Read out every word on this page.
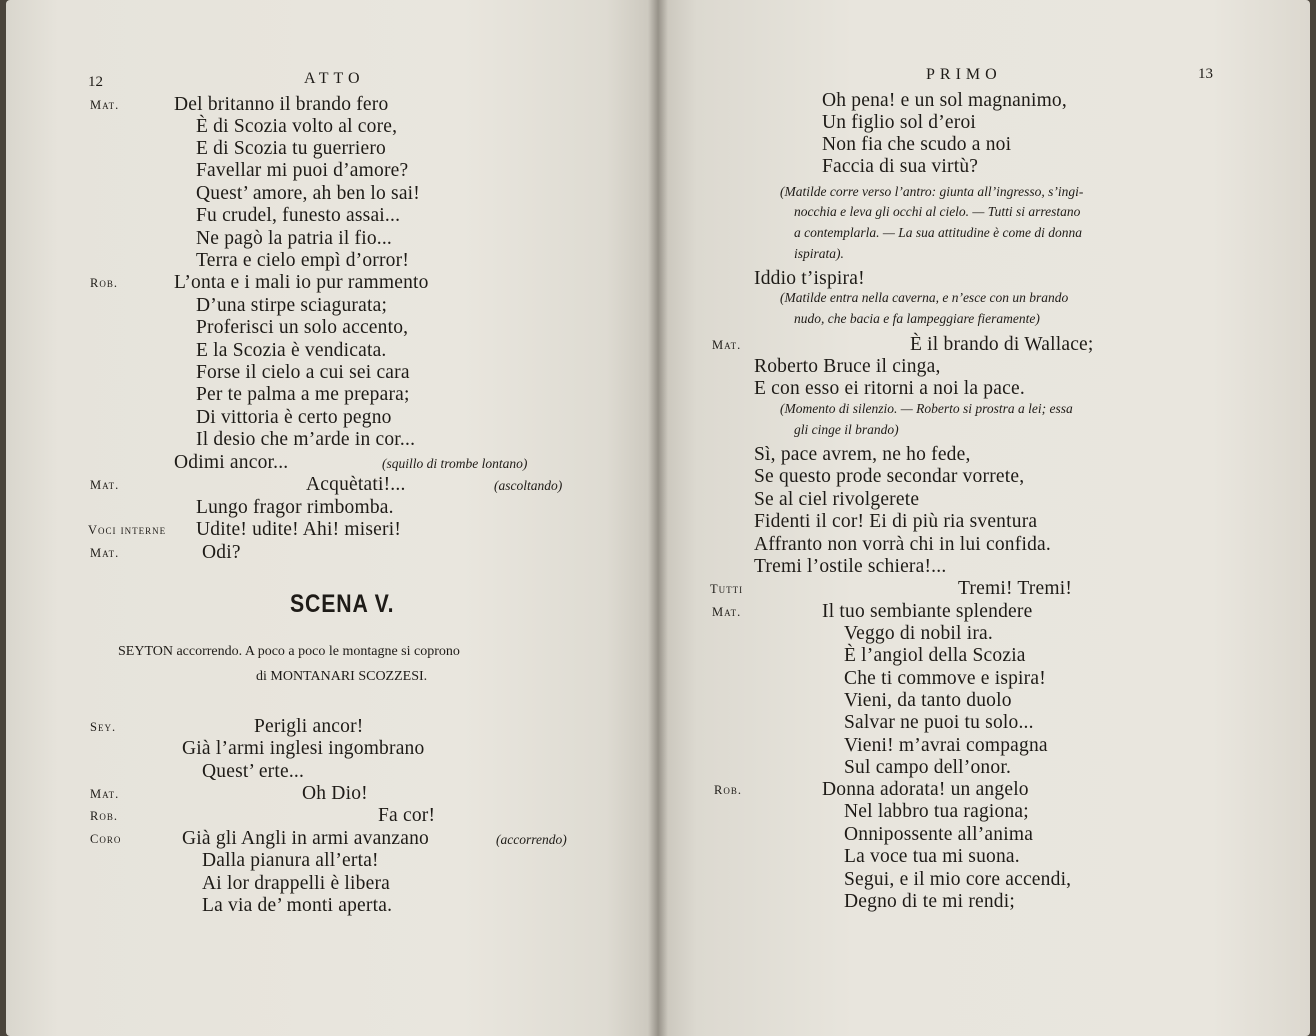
12	ATTO
Mat.	Del britanno il brando fero
È di Scozia volto al core,
E di Scozia tu guerriero
Favellar mi puoi d’amore?
Quest’ amore, ah ben lo sai!
Fu crudel, funesto assai...
Ne pagò la patria il fio...
Terra e cielo empì d’orror!
Rob.	L’onta e i mali io pur rammento
D’una stirpe sciagurata;
Proferisci un solo accento,
E la Scozia è vendicata.
Forse il cielo a cui sei cara
Per te palma a me prepara;
Di vittoria è certo pegno
Il desio che m’arde in cor...
Odimi ancor...	(squillo di trombe lontano)
Mat.	Acquètati!...	(ascoltando)
Lungo fragor rimbomba.
Voci interne Udite! udite! Ahi! miseri!
Mat.	Odi?
SCENA V.
SEYTON accorrendo. A poco a poco le montagne si coprono
di MONTANARI SCOZZESI.
Sey.	Perigli ancor!
Già l’armi inglesi ingombrano
Quest’ erte...
Mat.	Oh Dio!
Rob.	Fa cor!
Coro	Già gli Angli in armi avanzano	(accorrendo)
Dalla pianura all’erta!
Ai lor drappelli è libera
La via de’ monti aperta.
PRIMO	13
Oh pena! e un sol magnanimo,
Un figlio sol d’eroi
Non fia che scudo a noi
Faccia di sua virtù?
(Matilde corre verso l’antro: giunta all’ingresso, s’ingi-
nocchia e leva gli occhi al cielo. — Tutti si arrestano
a contemplarla. — La sua attitudine è come di donna
ispirata).
Iddio t’ispira!
(Matilde entra nella caverna, e n’esce con un brando
nudo, che bacia e fa lampeggiare fieramente)
Mat.	È il brando di Wallace;
Roberto Bruce il cinga,
E con esso ei ritorni a noi la pace.
(Momento di silenzio. — Roberto si prostra a lei; essa
gli cinge il brando)
Sì, pace avrem, ne ho fede,
Se questo prode secondar vorrete,
Se al ciel rivolgerete
Fidenti il cor! Ei di più ria sventura
Affranto non vorrà chi in lui confida.
Tremi l’ostile schiera!...
Tutti	Tremi! Tremi!
Mat.	Il tuo sembiante splendere
Veggo di nobil ira.
È l’angiol della Scozia
Che ti commove e ispira!
Vieni, da tanto duolo
Salvar ne puoi tu solo...
Vieni! m’avrai compagna
Sul campo dell’onor.
Rob.	Donna adorata! un angelo
Nel labbro tua ragiona;
Onnipossente all’anima
La voce tua mi suona.
Segui, e il mio core accendi,
Degno di te mi rendi;
